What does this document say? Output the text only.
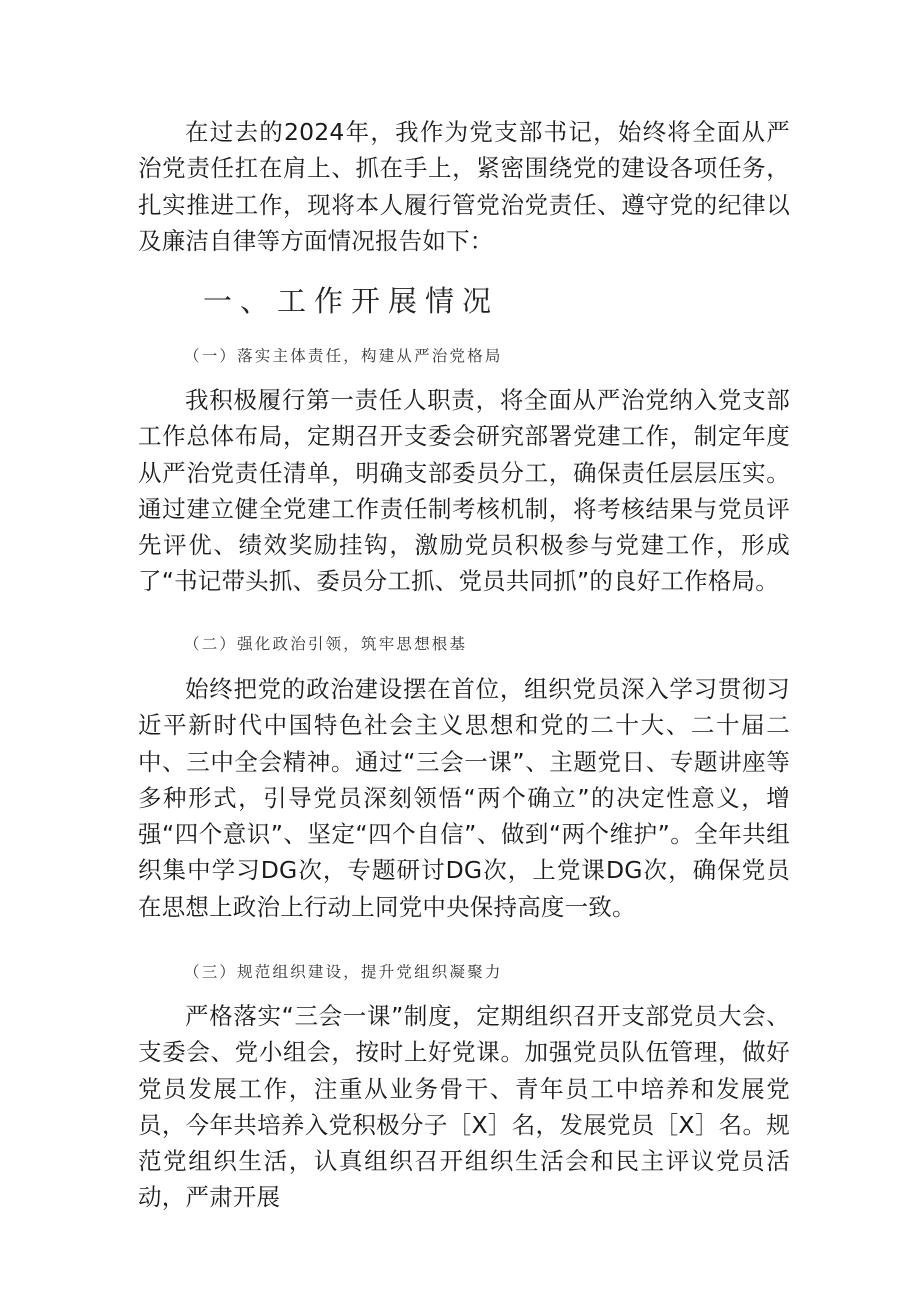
在过去的2024年，我作为党支部书记，始终将全面从严治党责任扛在肩上、抓在手上，紧密围绕党的建设各项任务，扎实推进工作，现将本人履行管党治党责任、遵守党的纪律以及廉洁自律等方面情况报告如下：

一、工作开展情况

（一）落实主体责任，构建从严治党格局

我积极履行第一责任人职责，将全面从严治党纳入党支部工作总体布局，定期召开支委会研究部署党建工作，制定年度从严治党责任清单，明确支部委员分工，确保责任层层压实。通过建立健全党建工作责任制考核机制，将考核结果与党员评先评优、绩效奖励挂钩，激励党员积极参与党建工作，形成了“书记带头抓、委员分工抓、党员共同抓”的良好工作格局。

（二）强化政治引领，筑牢思想根基

始终把党的政治建设摆在首位，组织党员深入学习贯彻习近平新时代中国特色社会主义思想和党的二十大、二十届二中、三中全会精神。通过“三会一课”、主题党日、专题讲座等多种形式，引导党员深刻领悟“两个确立”的决定性意义，增强“四个意识”、坚定“四个自信”、做到“两个维护”。全年共组织集中学习DG次，专题研讨DG次，上党课DG次，确保党员在思想上政治上行动上同党中央保持高度一致。

（三）规范组织建设，提升党组织凝聚力

严格落实“三会一课”制度，定期组织召开支部党员大会、支委会、党小组会，按时上好党课。加强党员队伍管理，做好党员发展工作，注重从业务骨干、青年员工中培养和发展党员，今年共培养入党积极分子［X］名，发展党员［X］名。规范党组织生活，认真组织召开组织生活会和民主评议党员活动，严肃开展
